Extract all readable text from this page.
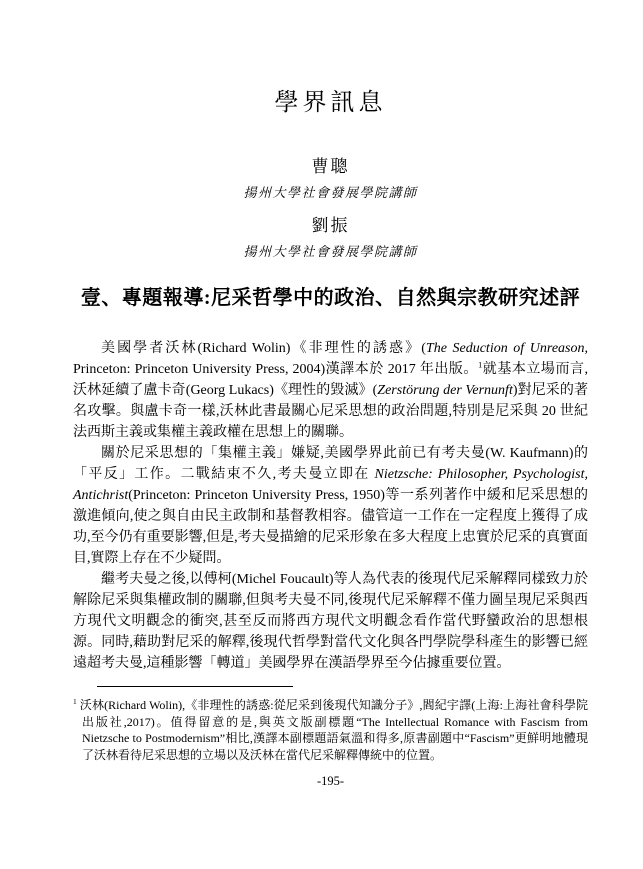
學界訊息
曹聰
揚州大學社會發展學院講師
劉振
揚州大學社會發展學院講師
壹、專題報導:尼采哲學中的政治、自然與宗教研究述評

美國學者沃林(Richard Wolin)《非理性的誘惑》(The Seduction of Unreason, Princeton: Princeton University Press, 2004)漢譯本於 2017 年出版。$^1$就基本立場而言,沃林延續了盧卡奇(Georg Lukacs)《理性的毀滅》(Zerstörung der Vernunft)對尼采的著名攻擊。與盧卡奇一樣,沃林此書最關心尼采思想的政治問題,特別是尼采與 20 世紀法西斯主義或集權主義政權在思想上的關聯。

關於尼采思想的「集權主義」嫌疑,美國學界此前已有考夫曼(W. Kaufmann)的「平反」工作。二戰結束不久,考夫曼立即在 Nietzsche: Philosopher, Psychologist, Antichrist(Princeton: Princeton University Press, 1950)等一系列著作中緩和尼采思想的激進傾向,使之與自由民主政制和基督教相容。儘管這一工作在一定程度上獲得了成功,至今仍有重要影響,但是,考夫曼描繪的尼采形象在多大程度上忠實於尼采的真實面目,實際上存在不少疑問。

繼考夫曼之後,以傅柯(Michel Foucault)等人為代表的後現代尼采解釋同樣致力於解除尼采與集權政制的關聯,但與考夫曼不同,後現代尼采解釋不僅力圖呈現尼采與西方現代文明觀念的衝突,甚至反而將西方現代文明觀念看作當代野蠻政治的思想根源。同時,藉助對尼采的解釋,後現代哲學對當代文化與各門學院學科產生的影響已經遠超考夫曼,這種影響「轉道」美國學界在漢語學界至今佔據重要位置。

$^1$ 沃林(Richard Wolin),《非理性的誘惑:從尼采到後現代知識分子》,閻紀宇譯(上海:上海社會科學院出版社,2017)。值得留意的是,與英文版副標題“The Intellectual Romance with Fascism from Nietzsche to Postmodernism”相比,漢譯本副標題語氣溫和得多,原書副題中“Fascism”更鮮明地體現了沃林看待尼采思想的立場以及沃林在當代尼采解釋傳統中的位置。

-195-
